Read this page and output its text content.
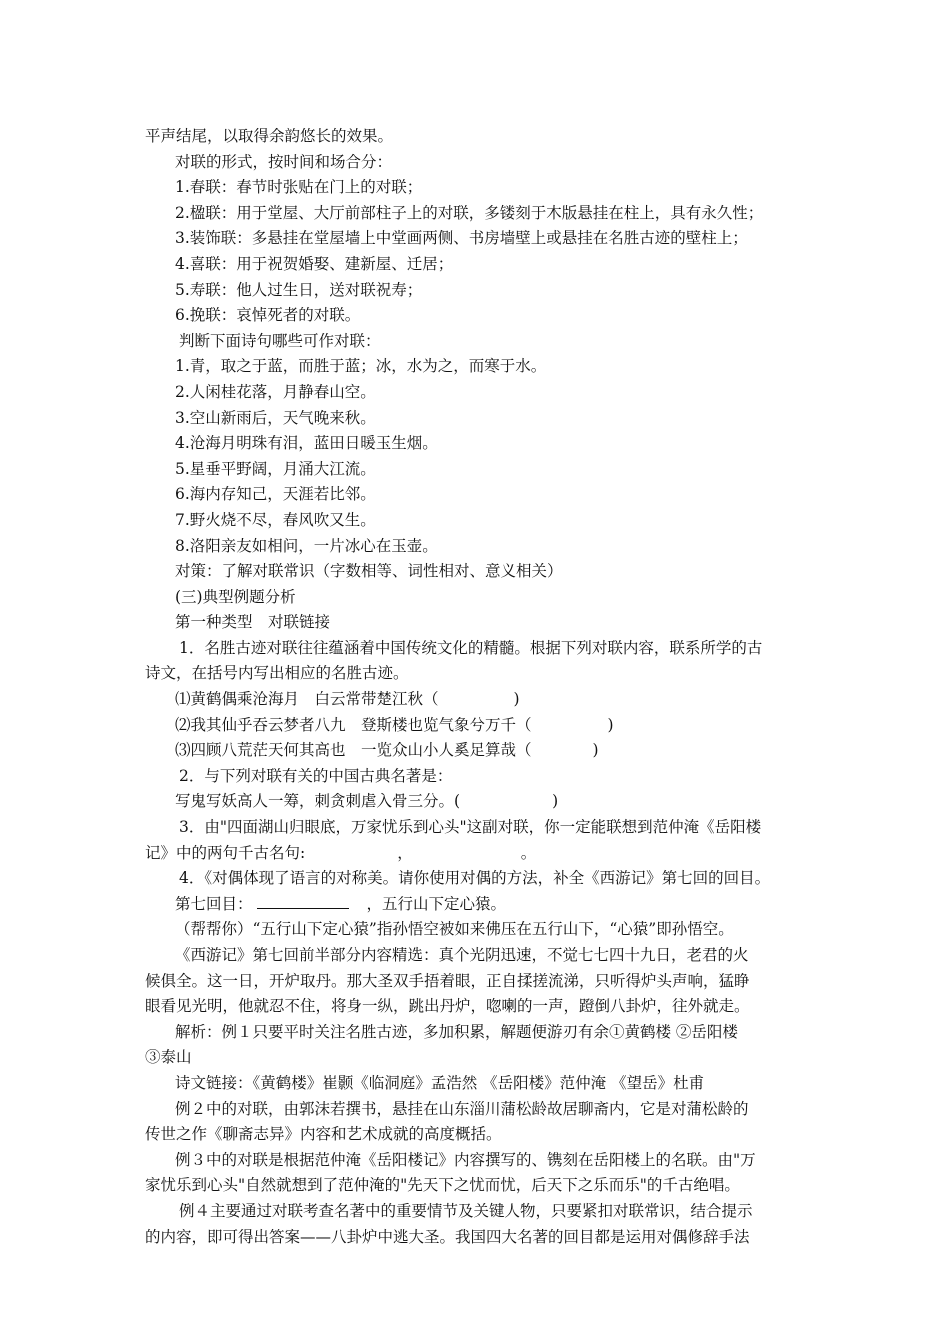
平声结尾，以取得余韵悠长的效果。
对联的形式，按时间和场合分：
1.春联：春节时张贴在门上的对联；
2.楹联：用于堂屋、大厅前部柱子上的对联，多镂刻于木版悬挂在柱上，具有永久性；
3.装饰联：多悬挂在堂屋墙上中堂画两侧、书房墙壁上或悬挂在名胜古迹的壁柱上；
4.喜联：用于祝贺婚娶、建新屋、迁居；
5.寿联：他人过生日，送对联祝寿；
6.挽联：哀悼死者的对联。
判断下面诗句哪些可作对联：
1.青，取之于蓝，而胜于蓝；冰，水为之，而寒于水。
2.人闲桂花落，月静春山空。
3.空山新雨后，天气晚来秋。
4.沧海月明珠有泪，蓝田日暖玉生烟。
5.星垂平野阔，月涌大江流。
6.海内存知己，天涯若比邻。
7.野火烧不尽，春风吹又生。
8.洛阳亲友如相问，一片冰心在玉壶。
对策：了解对联常识（字数相等、词性相对、意义相关）
(三)典型例题分析
第一种类型　对联链接
1．名胜古迹对联往往蕴涵着中国传统文化的精髓。根据下列对联内容，联系所学的古
诗文，在括号内写出相应的名胜古迹。
⑴黄鹤偶乘沧海月　白云常带楚江秋（	)
⑵我其仙乎吞云梦者八九　登斯楼也览气象兮万千（	)
⑶四顾八荒茫天何其高也　一览众山小人奚足算哉（	)
2．与下列对联有关的中国古典名著是：
写鬼写妖高人一筹，刺贪刺虐入骨三分。(	)
3．由"四面湖山归眼底，万家忧乐到心头"这副对联，你一定能联想到范仲淹《岳阳楼
记》中的两句千古名句:	，	。
4．《对偶体现了语言的对称美。请你使用对偶的方法，补全《西游记》第七回的回目。
第七回目：	，五行山下定心猿。
（帮帮你）“五行山下定心猿”指孙悟空被如来佛压在五行山下，“心猿”即孙悟空。
《西游记》第七回前半部分内容精选：真个光阴迅速，不觉七七四十九日，老君的火
候俱全。这一日，开炉取丹。那大圣双手捂着眼，正自揉搓流涕，只听得炉头声响，猛睁
眼看见光明，他就忍不住，将身一纵，跳出丹炉，唿喇的一声，蹬倒八卦炉，往外就走。
解析：例１只要平时关注名胜古迹，多加积累，解题便游刃有余①黄鹤楼 ②岳阳楼
③泰山
诗文链接：《黄鹤楼》崔颢《临洞庭》孟浩然 《岳阳楼》范仲淹 《望岳》杜甫
例２中的对联，由郭沫若撰书，悬挂在山东淄川蒲松龄故居聊斋内，它是对蒲松龄的
传世之作《聊斋志异》内容和艺术成就的高度概括。
例３中的对联是根据范仲淹《岳阳楼记》内容撰写的、镌刻在岳阳楼上的名联。由"万
家忧乐到心头"自然就想到了范仲淹的"先天下之忧而忧，后天下之乐而乐"的千古绝唱。
例４主要通过对联考查名著中的重要情节及关键人物，只要紧扣对联常识，结合提示
的内容，即可得出答案——八卦炉中逃大圣。我国四大名著的回目都是运用对偶修辞手法
